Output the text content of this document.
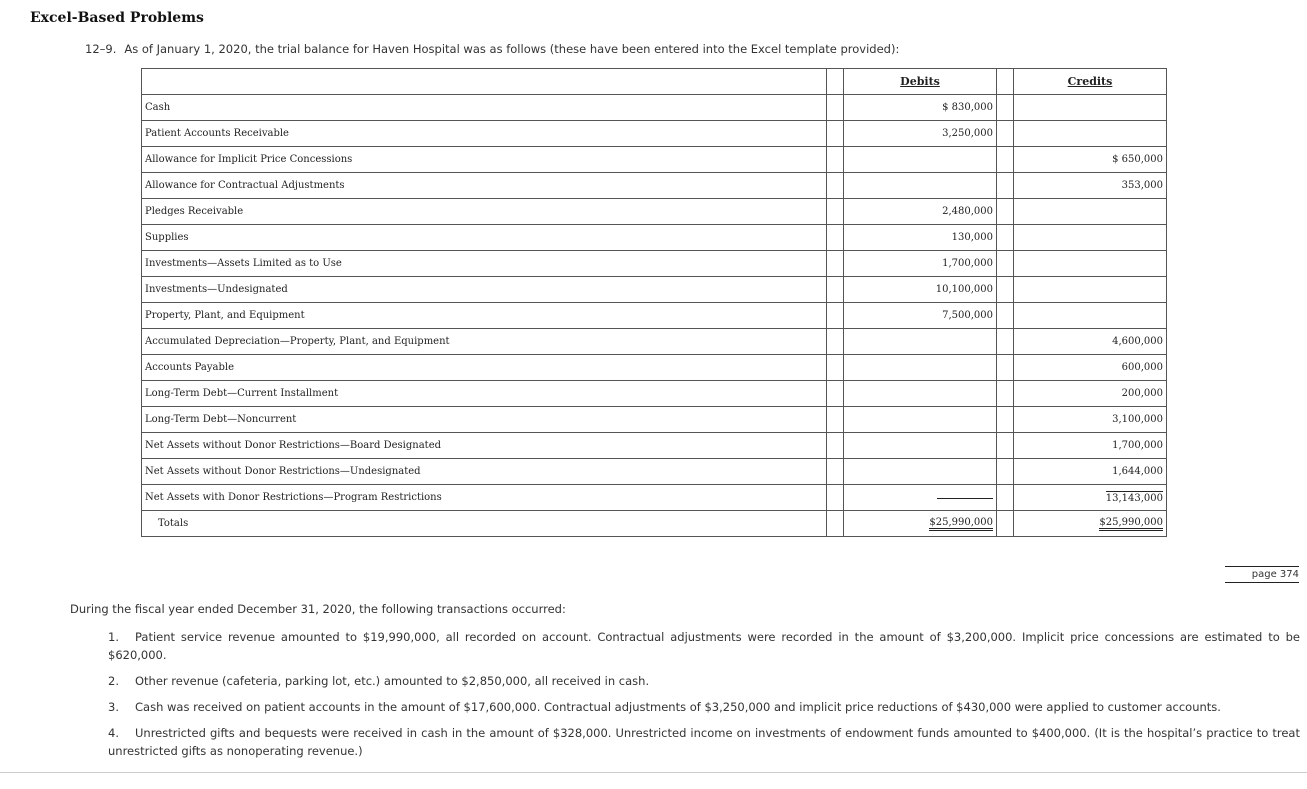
Excel-Based Problems
12–9. As of January 1, 2020, the trial balance for Haven Hospital was as follows (these have been entered into the Excel template provided):
		Debits		Credits
Cash		$ 830,000		
Patient Accounts Receivable		3,250,000		
Allowance for Implicit Price Concessions				$ 650,000
Allowance for Contractual Adjustments				353,000
Pledges Receivable		2,480,000		
Supplies		130,000		
Investments—Assets Limited as to Use		1,700,000		
Investments—Undesignated		10,100,000		
Property, Plant, and Equipment		7,500,000		
Accumulated Depreciation—Property, Plant, and Equipment				4,600,000
Accounts Payable				600,000
Long-Term Debt—Current Installment				200,000
Long-Term Debt—Noncurrent				3,100,000
Net Assets without Donor Restrictions—Board Designated				1,700,000
Net Assets without Donor Restrictions—Undesignated				1,644,000
Net Assets with Donor Restrictions—Program Restrictions				13,143,000
Totals		$25,990,000		$25,990,000
page 374
During the fiscal year ended December 31, 2020, the following transactions occurred:
1. Patient service revenue amounted to $19,990,000, all recorded on account. Contractual adjustments were recorded in the amount of $3,200,000. Implicit price concessions are estimated to be $620,000.
2. Other revenue (cafeteria, parking lot, etc.) amounted to $2,850,000, all received in cash.
3. Cash was received on patient accounts in the amount of $17,600,000. Contractual adjustments of $3,250,000 and implicit price reductions of $430,000 were applied to customer accounts.
4. Unrestricted gifts and bequests were received in cash in the amount of $328,000. Unrestricted income on investments of endowment funds amounted to $400,000. (It is the hospital’s practice to treat unrestricted gifts as nonoperating revenue.)
